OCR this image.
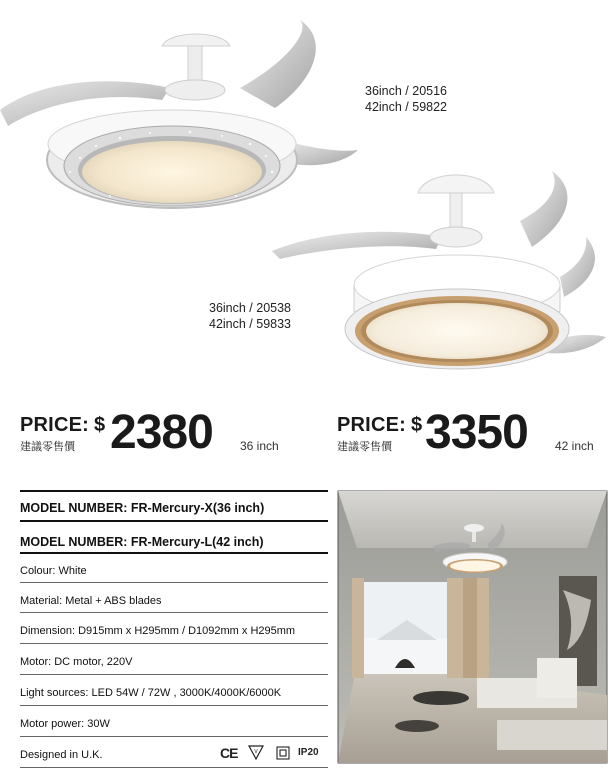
36inch / 20516
42inch / 59822
36inch / 20538
42inch / 59833
PRICE:
建議零售價
$ 2380 36 inch
PRICE:
建議零售價
$ 3350 42 inch
MODEL NUMBER: FR-Mercury-X(36 inch)
MODEL NUMBER: FR-Mercury-L(42 inch)
Colour: White
Material: Metal + ABS blades
Dimension: D915mm x H295mm / D1092mm x H295mm
Motor: DC motor, 220V
Light sources: LED 54W / 72W , 3000K/4000K/6000K
Motor power: 30W
Designed in U.K.	CE	V	IP20
